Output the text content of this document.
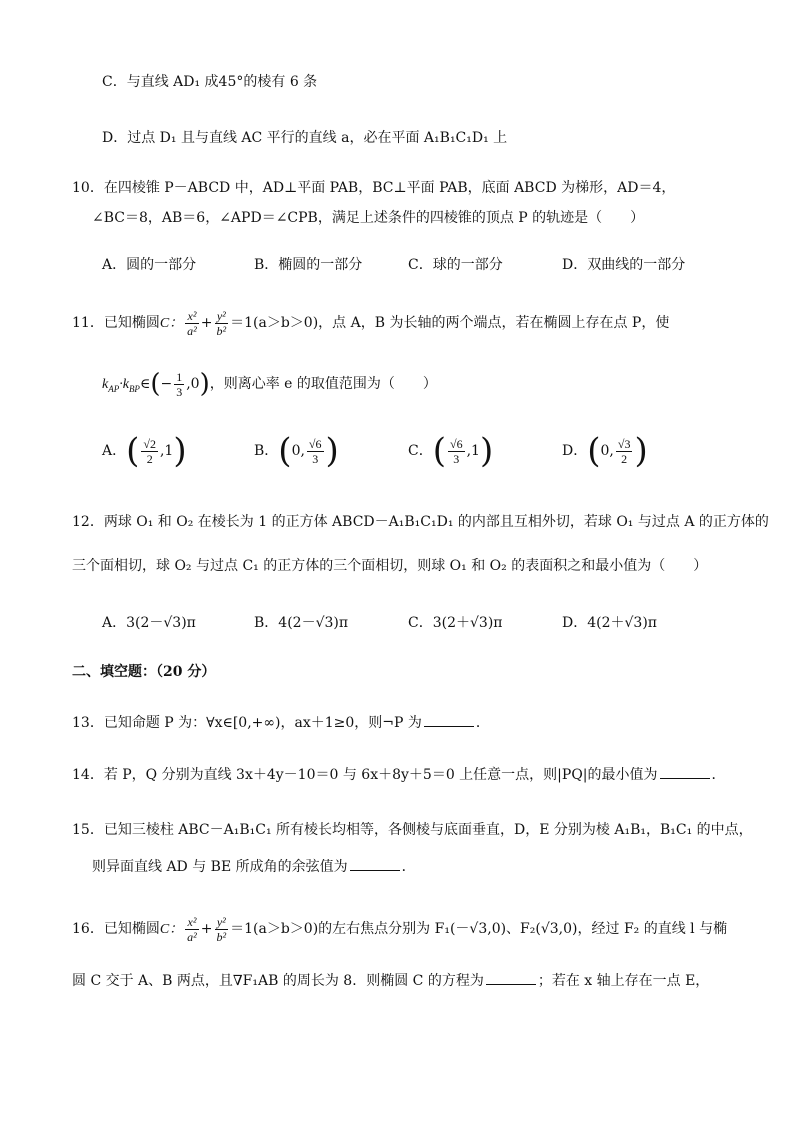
C．与直线 AD₁ 成45°的棱有 6 条
D．过点 D₁ 且与直线 AC 平行的直线 a，必在平面 A₁B₁C₁D₁ 上
10．在四棱锥 P－ABCD 中，AD⊥平面 PAB，BC⊥平面 PAB，底面 ABCD 为梯形，AD＝4，
∠BC＝8，AB＝6，∠APD＝∠CPB，满足上述条件的四棱锥的顶点 P 的轨迹是（　　）
A．圆的一部分	B．椭圆的一部分	C．球的一部分	D．双曲线的一部分
11．已知椭圆C： $\frac{\text{x²}}{\text{a²}} + \frac{\text{y²}}{\text{b²}} =1(a>b>0)$，点 A，B 为长轴的两个端点，若在椭圆上存在点 P，使
$k_{AP}\cdot k_{BP}\in(- \frac{1}{3} ,0)$，则离心率 e 的取值范围为（　　）
A．( $\frac{√2}{2} ,1$)	B．(0, $\frac{√6}{3}$ )	C．( $\frac{√6}{3} ,1$)	D．(0, $\frac{√3}{2}$ )
12．两球 O₁ 和 O₂ 在棱长为 1 的正方体 ABCD－A₁B₁C₁D₁ 的内部且互相外切，若球 O₁ 与过点 A 的正方体的
三个面相切，球 O₂ 与过点 C₁ 的正方体的三个面相切，则球 O₁ 和 O₂ 的表面积之和最小值为（　　）
A．3(2－√3)π	B．4(2－√3)π	C．3(2＋√3)π	D．4(2＋√3)π
二、填空题：（20 分）
13．已知命题 P 为：∀x∈[0,+∞)，ax＋1≥0，则¬P 为	．
14．若 P，Q 分别为直线 3x＋4y－10＝0 与 6x＋8y＋5＝0 上任意一点，则|PQ|的最小值为	．
15．已知三棱柱 ABC－A₁B₁C₁ 所有棱长均相等，各侧棱与底面垂直，D，E 分别为棱 A₁B₁，B₁C₁ 的中点，
则异面直线 AD 与 BE 所成角的余弦值为	．
16．已知椭圆C： $\frac{\text{x²}}{\text{a²}} + \frac{\text{y²}}{\text{b²}} =1(a>b>0)$的左右焦点分别为 F₁(－√3,0)、F₂(√3,0)，经过 F₂ 的直线 l 与椭
圆 C 交于 A、B 两点，且∇F₁AB 的周长为 8．则椭圆 C 的方程为	；若在 x 轴上存在一点 E，
